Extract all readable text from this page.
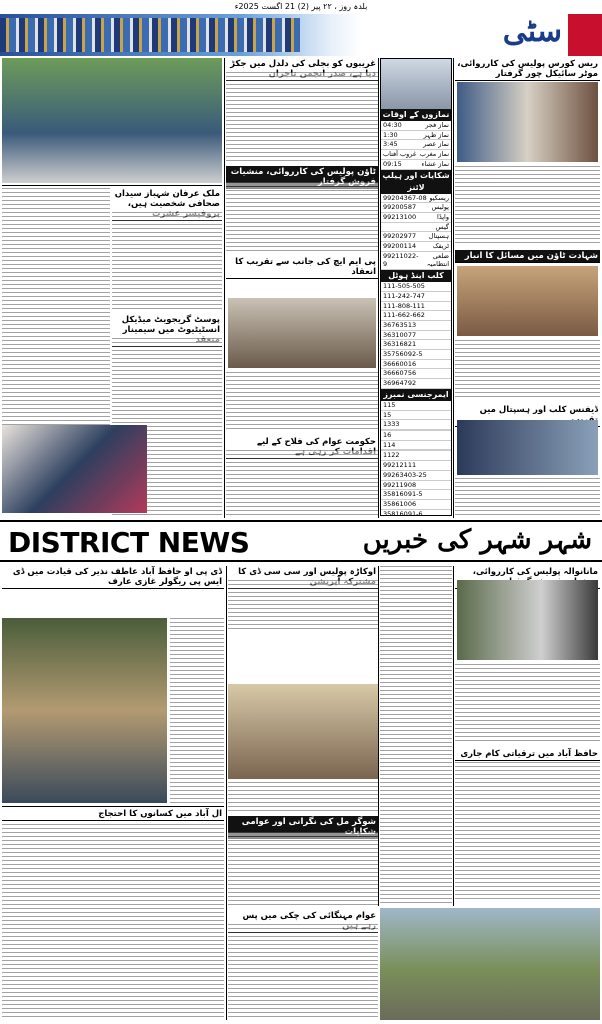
بلدہ روز ، ۲۲ پیر (2) 21 اگست 2025ء
سٹی
ملک عرفان شہباز سیداں صحافی شخصیت ہیں،
پوسٹ گریجویٹ میڈیکل انسٹیٹیوٹ میں سیمینار
غریبوں کو بجلی کی دلدل میں جکڑ
ٹاؤن پولیس کی کارروائی، منشیات
پی ایم ایچ کی جانب سے تقریب کا انعقاد
حکومت عوام کی فلاح کے لیے
نمازوں کے اوقات
نماز فجر
04:30
نماز ظہر
1:30
نماز عصر
3:45
نماز مغرب
غروب آفتاب
نماز عشاء
09:15
شکایات اور ہیلپ لائنز
ریسکیو
99204367-08
پولیس
99200587
واپڈا
99213100
گیس
ہسپتال
99202977
ٹریفک
99200114
ضلعی انتظامیہ
99211022-9
کلب اینڈ ہوٹل
111-505-505
111-242-747
111-808-111
111-662-662
36763513
36310077
36316821
35756092-5
36660016
36660756
36964792
ایمرجنسی نمبرز
115
15
1333
16
114
1122
99212111
99263403-25
99211908
35816091-5
35861006
35816091-6
ریس کورس پولیس کی کارروائی، موٹر سائیکل چور گرفتار
شہادت ٹاؤن میں مسائل کا انبار
ڈیفنس کلب اور ہسپتال میں
DISTRICT NEWS	شہر شہر کی خبریں
ڈی پی او حافظ آباد عاطف نذیر کی قیادت میں ڈی ایس پی ریگولر غازی عارف
ال آباد میں کسانوں کا احتجاج
اوکاڑہ پولیس اور سی سی ڈی کا
شوگر مل کی نگرانی اور عوامی
عوام مہنگائی کی چکی میں پس
مانانوالہ پولیس کی کارروائی،
حافظ آباد میں ترقیاتی کام جاری
